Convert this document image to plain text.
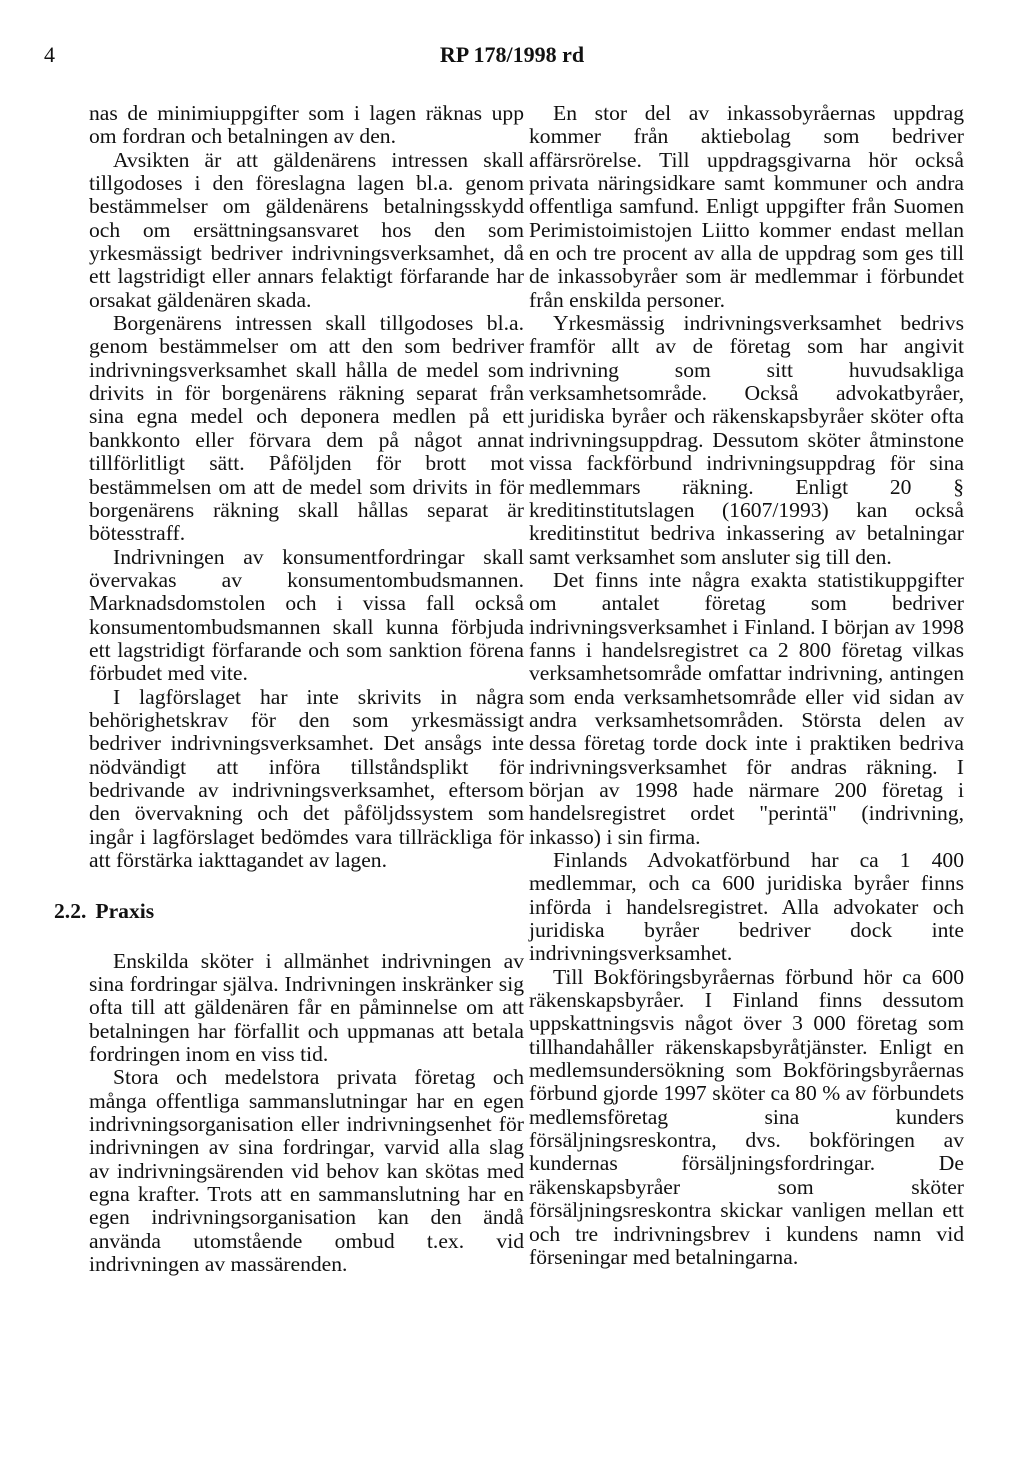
4	RP 178/1998 rd

nas de minimiuppgifter som i lagen räknas upp om fordran och betalningen av den.

Avsikten är att gäldenärens intressen skall tillgodoses i den föreslagna lagen bl.a. genom bestämmelser om gäldenärens betalningsskydd och om ersättningsansvaret hos den som yrkesmässigt bedriver indrivningsverksamhet, då ett lagstridigt eller annars felaktigt förfarande har orsakat gäldenären skada.

Borgenärens intressen skall tillgodoses bl.a. genom bestämmelser om att den som bedriver indrivningsverksamhet skall hålla de medel som drivits in för borgenärens räkning separat från sina egna medel och deponera medlen på ett bankkonto eller förvara dem på något annat tillförlitligt sätt. Påföljden för brott mot bestämmelsen om att de medel som drivits in för borgenärens räkning skall hållas separat är bötesstraff.

Indrivningen av konsumentfordringar skall övervakas av konsumentombudsmannen. Marknadsdomstolen och i vissa fall också konsumentombudsmannen skall kunna förbjuda ett lagstridigt förfarande och som sanktion förena förbudet med vite.

I lagförslaget har inte skrivits in några behörighetskrav för den som yrkesmässigt bedriver indrivningsverksamhet. Det ansågs inte nödvändigt att införa tillståndsplikt för bedrivande av indrivningsverksamhet, eftersom den övervakning och det påföljdssystem som ingår i lagförslaget bedömdes vara tillräckliga för att förstärka iakttagandet av lagen.

2.2. Praxis

Enskilda sköter i allmänhet indrivningen av sina fordringar själva. Indrivningen inskränker sig ofta till att gäldenären får en påminnelse om att betalningen har förfallit och uppmanas att betala fordringen inom en viss tid.

Stora och medelstora privata företag och många offentliga sammanslutningar har en egen indrivningsorganisation eller indrivningsenhet för indrivningen av sina fordringar, varvid alla slag av indrivningsärenden vid behov kan skötas med egna krafter. Trots att en sammanslutning har en egen indrivningsorganisation kan den ändå använda utomstående ombud t.ex. vid indrivningen av massärenden.

En stor del av inkassobyråernas uppdrag kommer från aktiebolag som bedriver affärsrörelse. Till uppdragsgivarna hör också privata näringsidkare samt kommuner och andra offentliga samfund. Enligt uppgifter från Suomen Perimistoimistojen Liitto kommer endast mellan en och tre procent av alla de uppdrag som ges till de inkassobyråer som är medlemmar i förbundet från enskilda personer.

Yrkesmässig indrivningsverksamhet bedrivs framför allt av de företag som har angivit indrivning som sitt huvudsakliga verksamhetsområde. Också advokatbyråer, juridiska byråer och räkenskapsbyråer sköter ofta indrivningsuppdrag. Dessutom sköter åtminstone vissa fackförbund indrivningsuppdrag för sina medlemmars räkning. Enligt 20 § kreditinstitutslagen (1607/1993) kan också kreditinstitut bedriva inkassering av betalningar samt verksamhet som ansluter sig till den.

Det finns inte några exakta statistikuppgifter om antalet företag som bedriver indrivningsverksamhet i Finland. I början av 1998 fanns i handelsregistret ca 2 800 företag vilkas verksamhetsområde omfattar indrivning, antingen som enda verksamhetsområde eller vid sidan av andra verksamhetsområden. Största delen av dessa företag torde dock inte i praktiken bedriva indrivningsverksamhet för andras räkning. I början av 1998 hade närmare 200 företag i handelsregistret ordet "perintä" (indrivning, inkasso) i sin firma.

Finlands Advokatförbund har ca 1 400 medlemmar, och ca 600 juridiska byråer finns införda i handelsregistret. Alla advokater och juridiska byråer bedriver dock inte indrivningsverksamhet.

Till Bokföringsbyråernas förbund hör ca 600 räkenskapsbyråer. I Finland finns dessutom uppskattningsvis något över 3 000 företag som tillhandahåller räkenskapsbyråtjänster. Enligt en medlemsundersökning som Bokföringsbyråernas förbund gjorde 1997 sköter ca 80 % av förbundets medlemsföretag sina kunders försäljningsreskontra, dvs. bokföringen av kundernas försäljningsfordringar. De räkenskapsbyråer som sköter försäljningsreskontra skickar vanligen mellan ett och tre indrivningsbrev i kundens namn vid förseningar med betalningarna.
